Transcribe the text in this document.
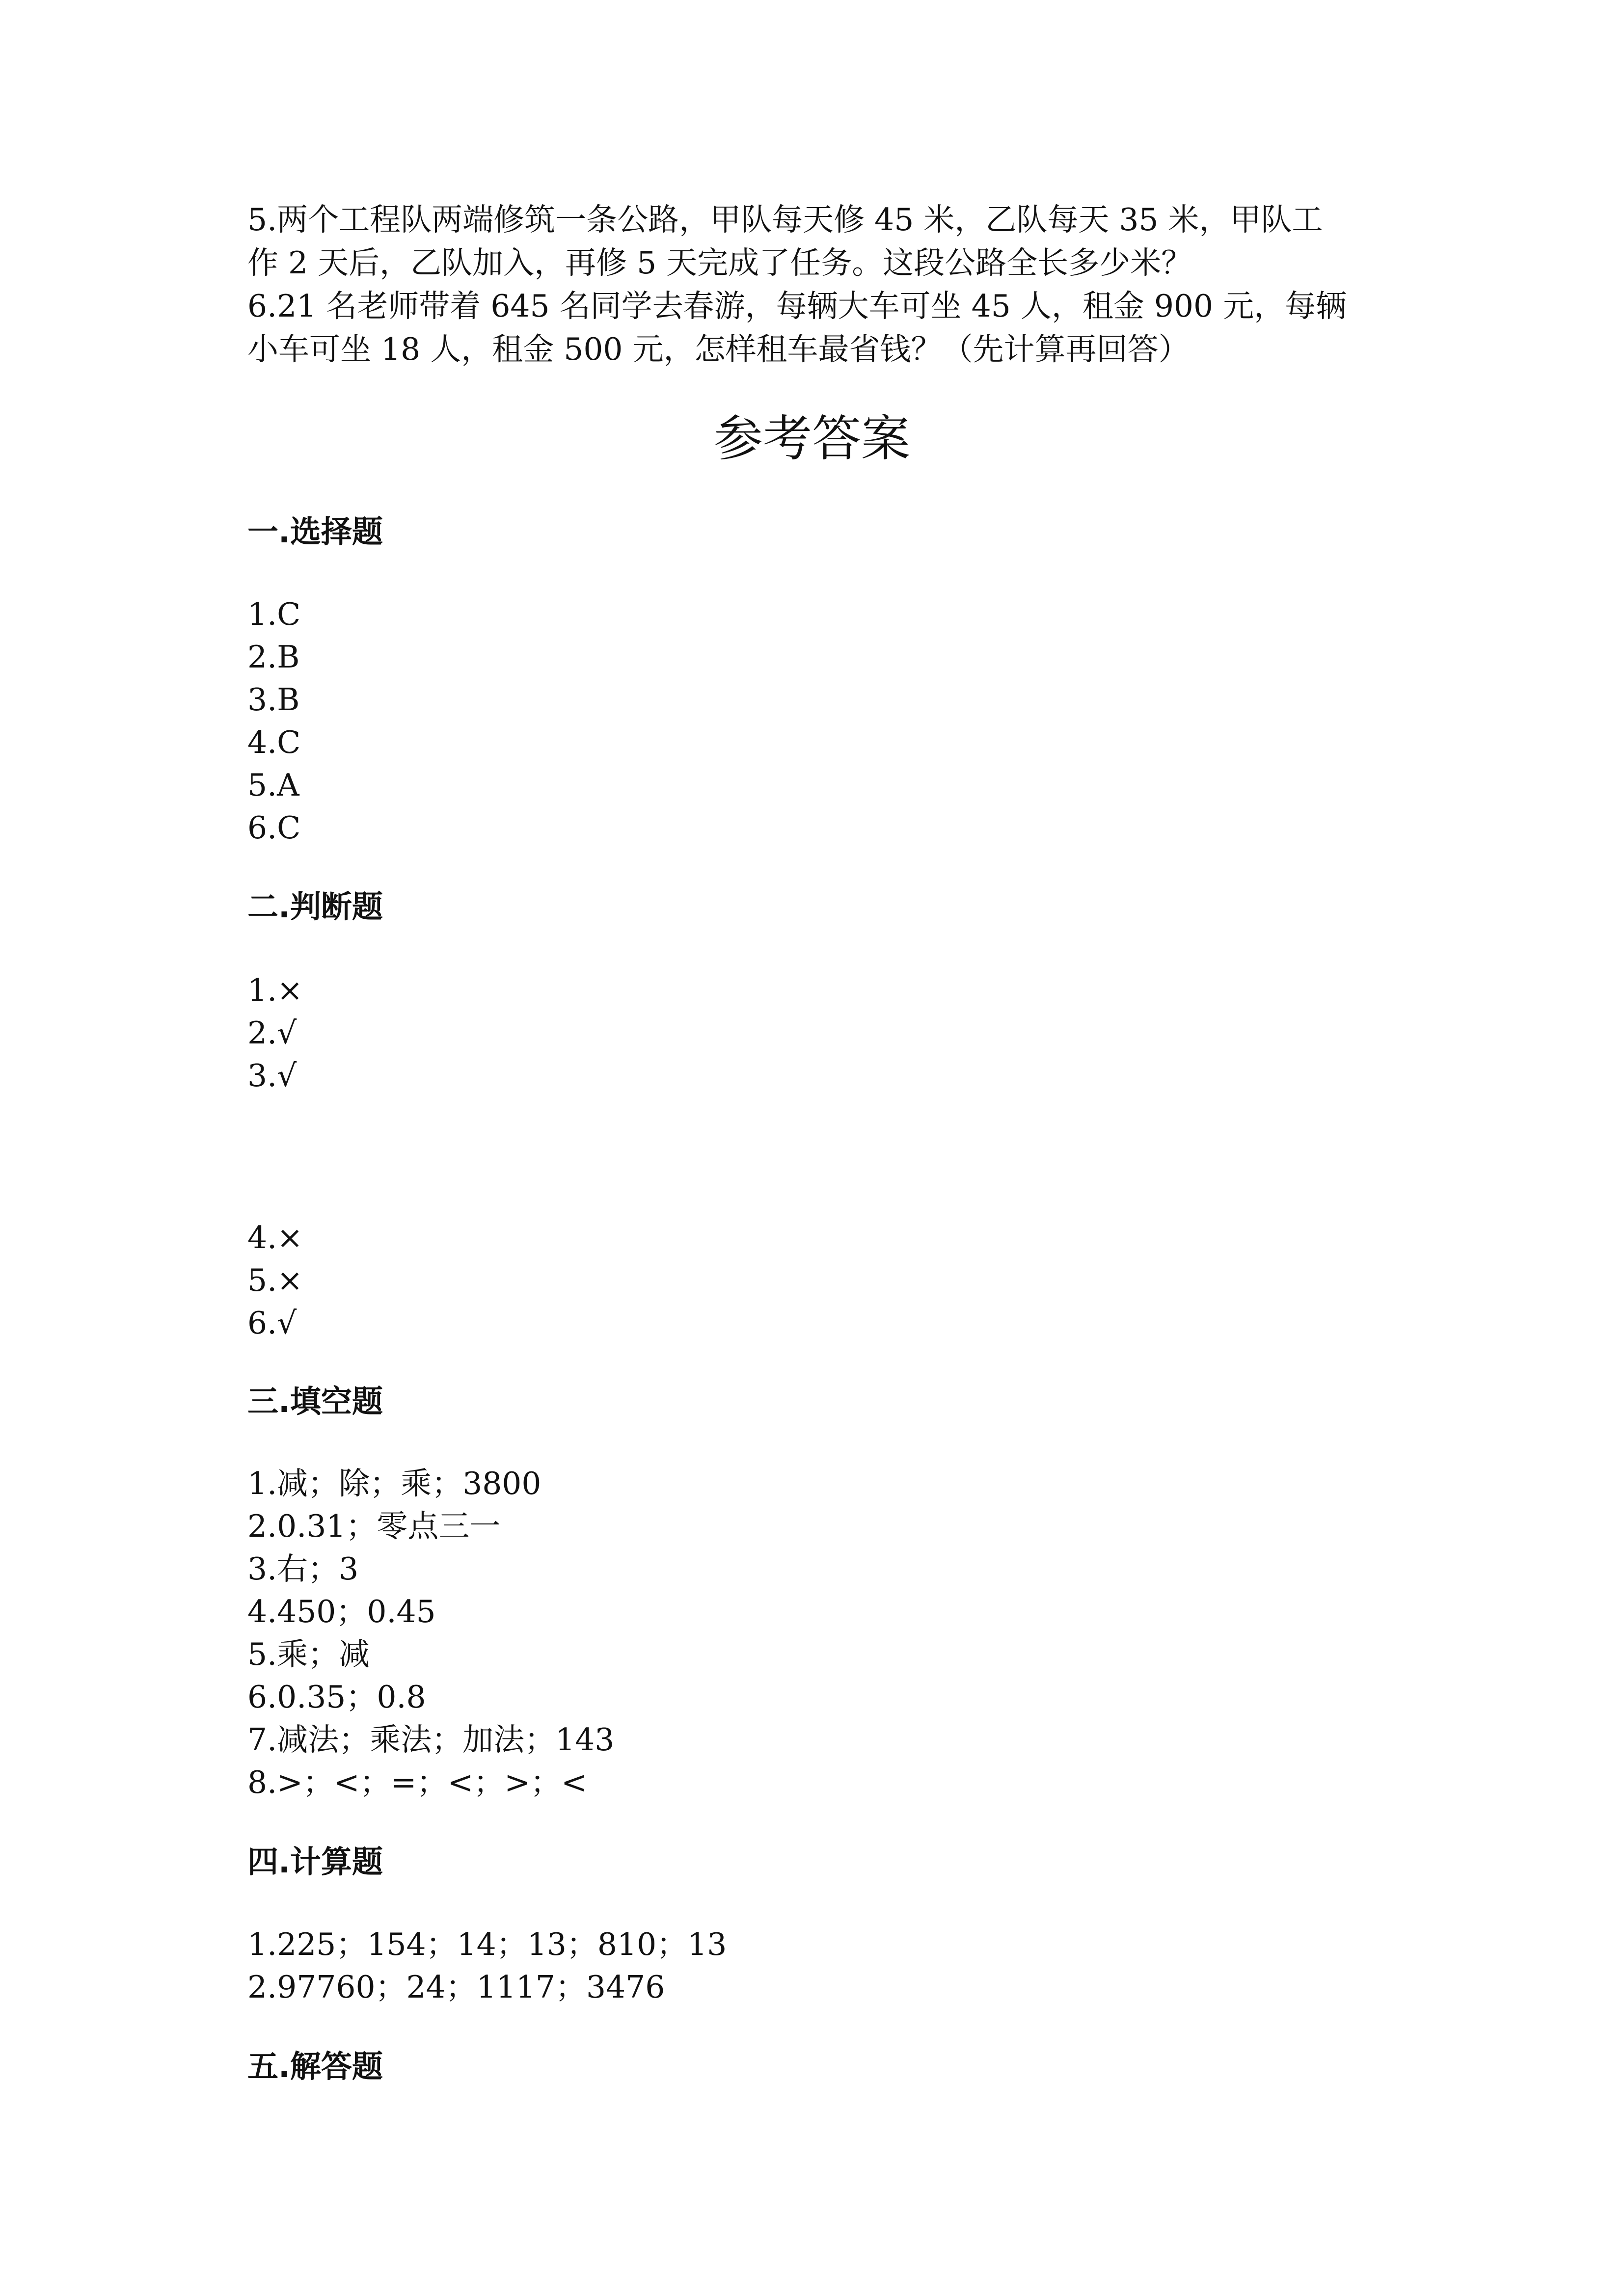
5.两个工程队两端修筑一条公路，甲队每天修 45 米，乙队每天 35 米，甲队工
作 2 天后，乙队加入，再修 5 天完成了任务。这段公路全长多少米？
6.21 名老师带着 645 名同学去春游，每辆大车可坐 45 人，租金 900 元，每辆
小车可坐 18 人，租金 500 元，怎样租车最省钱？（先计算再回答）
参考答案
一.选择题
1.C
2.B
3.B
4.C
5.A
6.C
二.判断题
1.×
2.√
3.√
4.×
5.×
6.√
三.填空题
1.减；除；乘；3800
2.0.31；零点三一
3.右；3
4.450；0.45
5.乘；减
6.0.35；0.8
7.减法；乘法；加法；143
8.>；<；=；<；>；<
四.计算题
1.225；154；14；13；810；13
2.97760；24；1117；3476
五.解答题
